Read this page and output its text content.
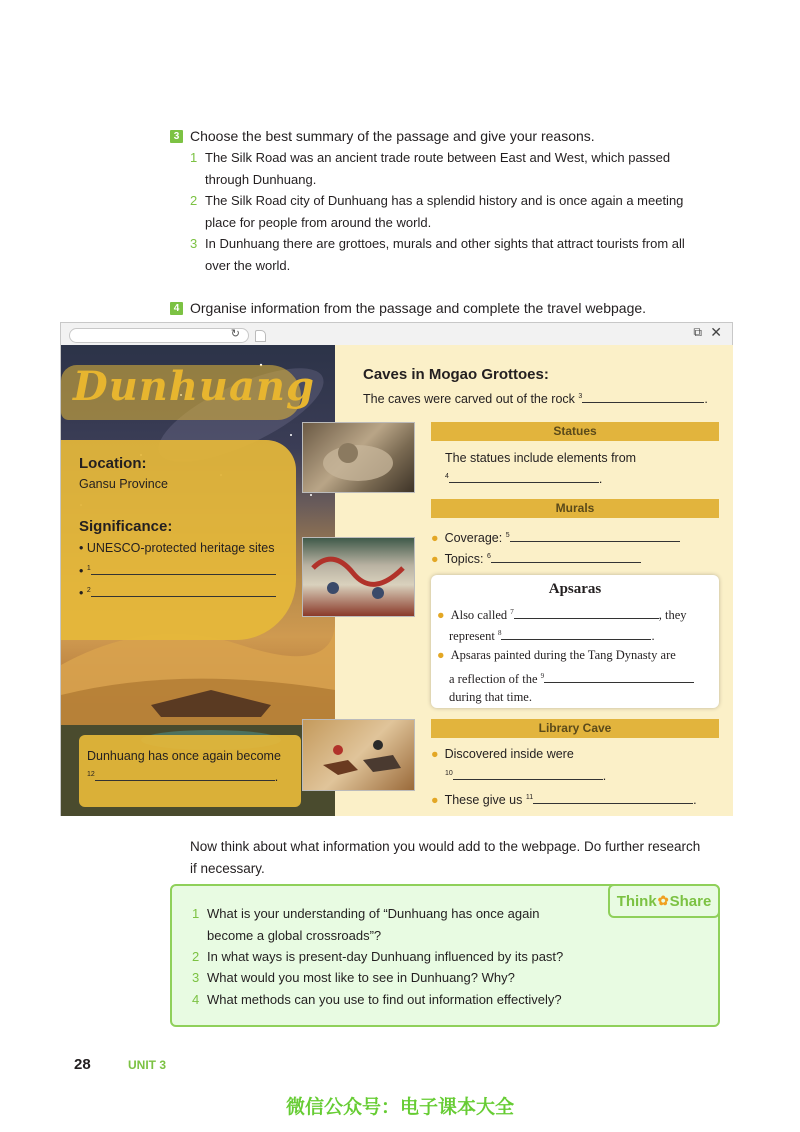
3 Choose the best summary of the passage and give your reasons.
1 The Silk Road was an ancient trade route between East and West, which passed through Dunhuang.
2 The Silk Road city of Dunhuang has a splendid history and is once again a meeting place for people from around the world.
3 In Dunhuang there are grottoes, murals and other sights that attract tourists from all over the world.
4 Organise information from the passage and complete the travel webpage.
↻	⧉ ✕
Dunhuang
Location:
Gansu Province
Significance:
• UNESCO-protected heritage sites
• $^1$
• $^2$
Dunhuang has once again become
$^{12}$	.
Caves in Mogao Grottoes:
The caves were carved out of the rock $^3$	.
Statues
The statues include elements from
$^4$	.
Murals
● Coverage: $^5$
● Topics: $^6$
Apsaras
● Also called $^7$	, they
represent $^8$	.
● Apsaras painted during the Tang Dynasty are
a reflection of the $^9$
during that time.
Library Cave
● Discovered inside were
$^{10}$	.
● These give us $^{11}$	.
Now think about what information you would add to the webpage. Do further research if necessary.
Think ✿ Share
1 What is your understanding of “Dunhuang has once again become a global crossroads”?
2 In what ways is present-day Dunhuang influenced by its past?
3 What would you most like to see in Dunhuang? Why?
4 What methods can you use to find out information effectively?
28	UNIT 3
微信公众号：电子课本大全
